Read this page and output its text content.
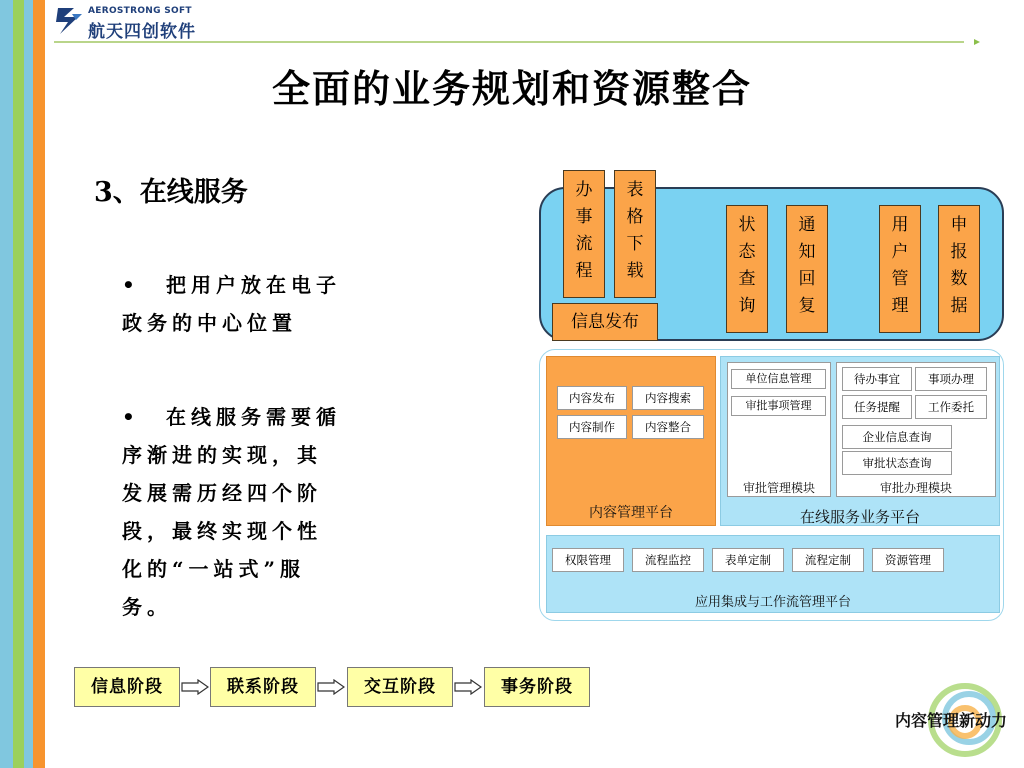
AEROSTRONG SOFT
航天四创软件
全面的业务规划和资源整合
3、在线服务
•	把用户放在电子
政务的中心位置
•	在线服务需要循
序渐进的实现，其
发展需历经四个阶
段，最终实现个性
化的“一站式”服
务。
办
事
流
程
表
格
下
载
信息发布
状
态
查
询
通
知
回
复
用
户
管
理
申
报
数
据
内容发布	内容搜索
内容制作	内容整合
内容管理平台
单位信息管理
审批事项管理
审批管理模块
待办事宜	事项办理
任务提醒	工作委托
企业信息查询
审批状态查询
审批办理模块
在线服务业务平台
权限管理	流程监控	表单定制	流程定制	资源管理
应用集成与工作流管理平台
信息阶段	联系阶段	交互阶段	事务阶段
内容管理新动力
